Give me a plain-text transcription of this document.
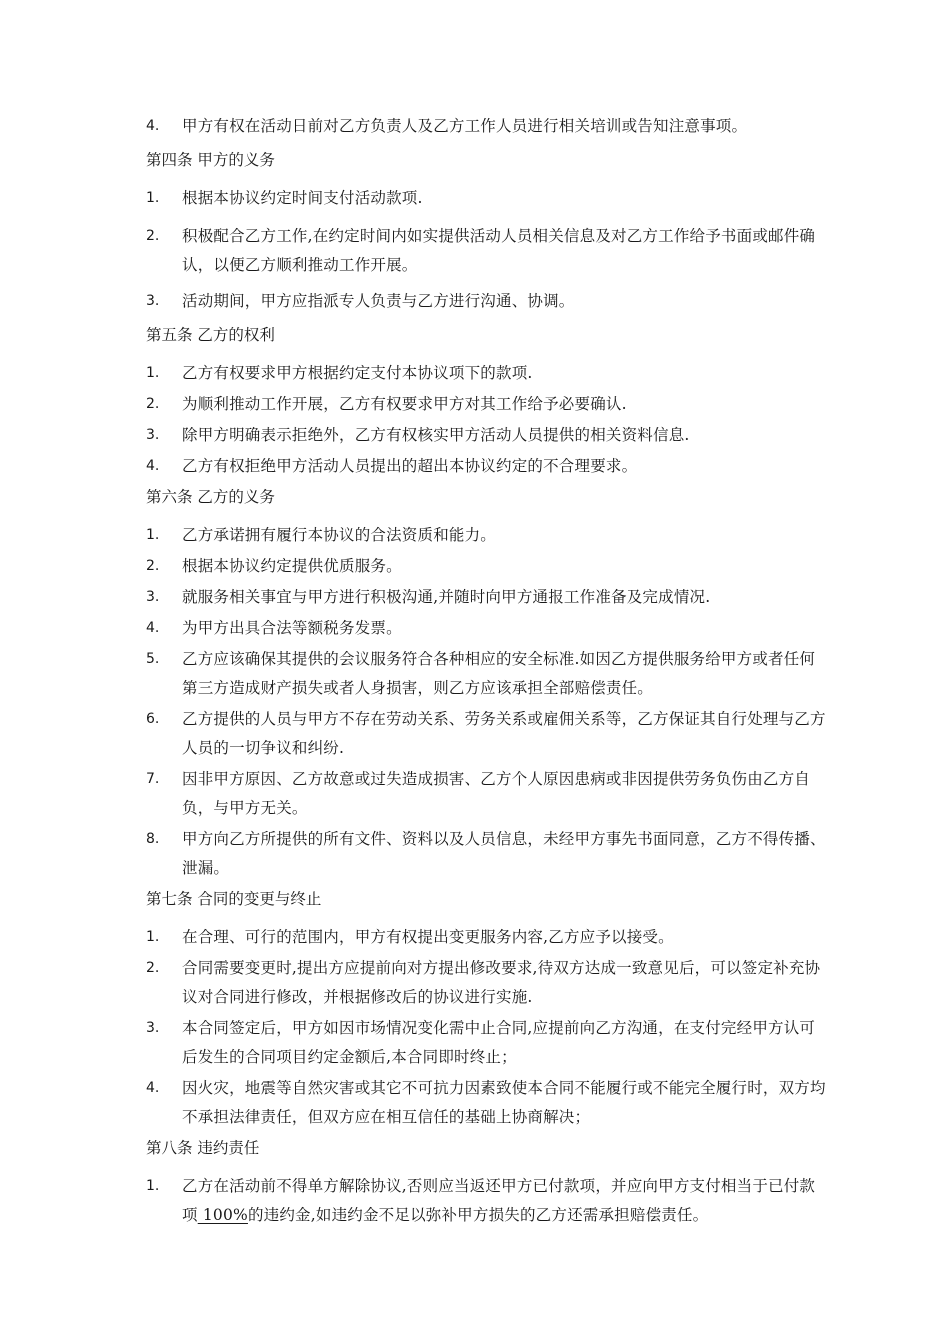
4. 甲方有权在活动日前对乙方负责人及乙方工作人员进行相关培训或告知注意事项。
第四条 甲方的义务
1. 根据本协议约定时间支付活动款项.
2. 积极配合乙方工作,在约定时间内如实提供活动人员相关信息及对乙方工作给予书面或邮件确认，以便乙方顺利推动工作开展。
3. 活动期间，甲方应指派专人负责与乙方进行沟通、协调。
第五条 乙方的权利
1. 乙方有权要求甲方根据约定支付本协议项下的款项.
2. 为顺利推动工作开展，乙方有权要求甲方对其工作给予必要确认.
3. 除甲方明确表示拒绝外，乙方有权核实甲方活动人员提供的相关资料信息.
4. 乙方有权拒绝甲方活动人员提出的超出本协议约定的不合理要求。
第六条 乙方的义务
1. 乙方承诺拥有履行本协议的合法资质和能力。
2. 根据本协议约定提供优质服务。
3. 就服务相关事宜与甲方进行积极沟通,并随时向甲方通报工作准备及完成情况.
4. 为甲方出具合法等额税务发票。
5. 乙方应该确保其提供的会议服务符合各种相应的安全标准.如因乙方提供服务给甲方或者任何第三方造成财产损失或者人身损害，则乙方应该承担全部赔偿责任。
6. 乙方提供的人员与甲方不存在劳动关系、劳务关系或雇佣关系等，乙方保证其自行处理与乙方人员的一切争议和纠纷.
7. 因非甲方原因、乙方故意或过失造成损害、乙方个人原因患病或非因提供劳务负伤由乙方自负，与甲方无关。
8. 甲方向乙方所提供的所有文件、资料以及人员信息，未经甲方事先书面同意，乙方不得传播、泄漏。
第七条 合同的变更与终止
1. 在合理、可行的范围内，甲方有权提出变更服务内容,乙方应予以接受。
2. 合同需要变更时,提出方应提前向对方提出修改要求,待双方达成一致意见后，可以签定补充协议对合同进行修改，并根据修改后的协议进行实施.
3. 本合同签定后，甲方如因市场情况变化需中止合同,应提前向乙方沟通，在支付完经甲方认可后发生的合同项目约定金额后,本合同即时终止；
4. 因火灾，地震等自然灾害或其它不可抗力因素致使本合同不能履行或不能完全履行时，双方均不承担法律责任，但双方应在相互信任的基础上协商解决；
第八条 违约责任
1. 乙方在活动前不得单方解除协议,否则应当返还甲方已付款项，并应向甲方支付相当于已付款项 100%的违约金,如违约金不足以弥补甲方损失的乙方还需承担赔偿责任。
